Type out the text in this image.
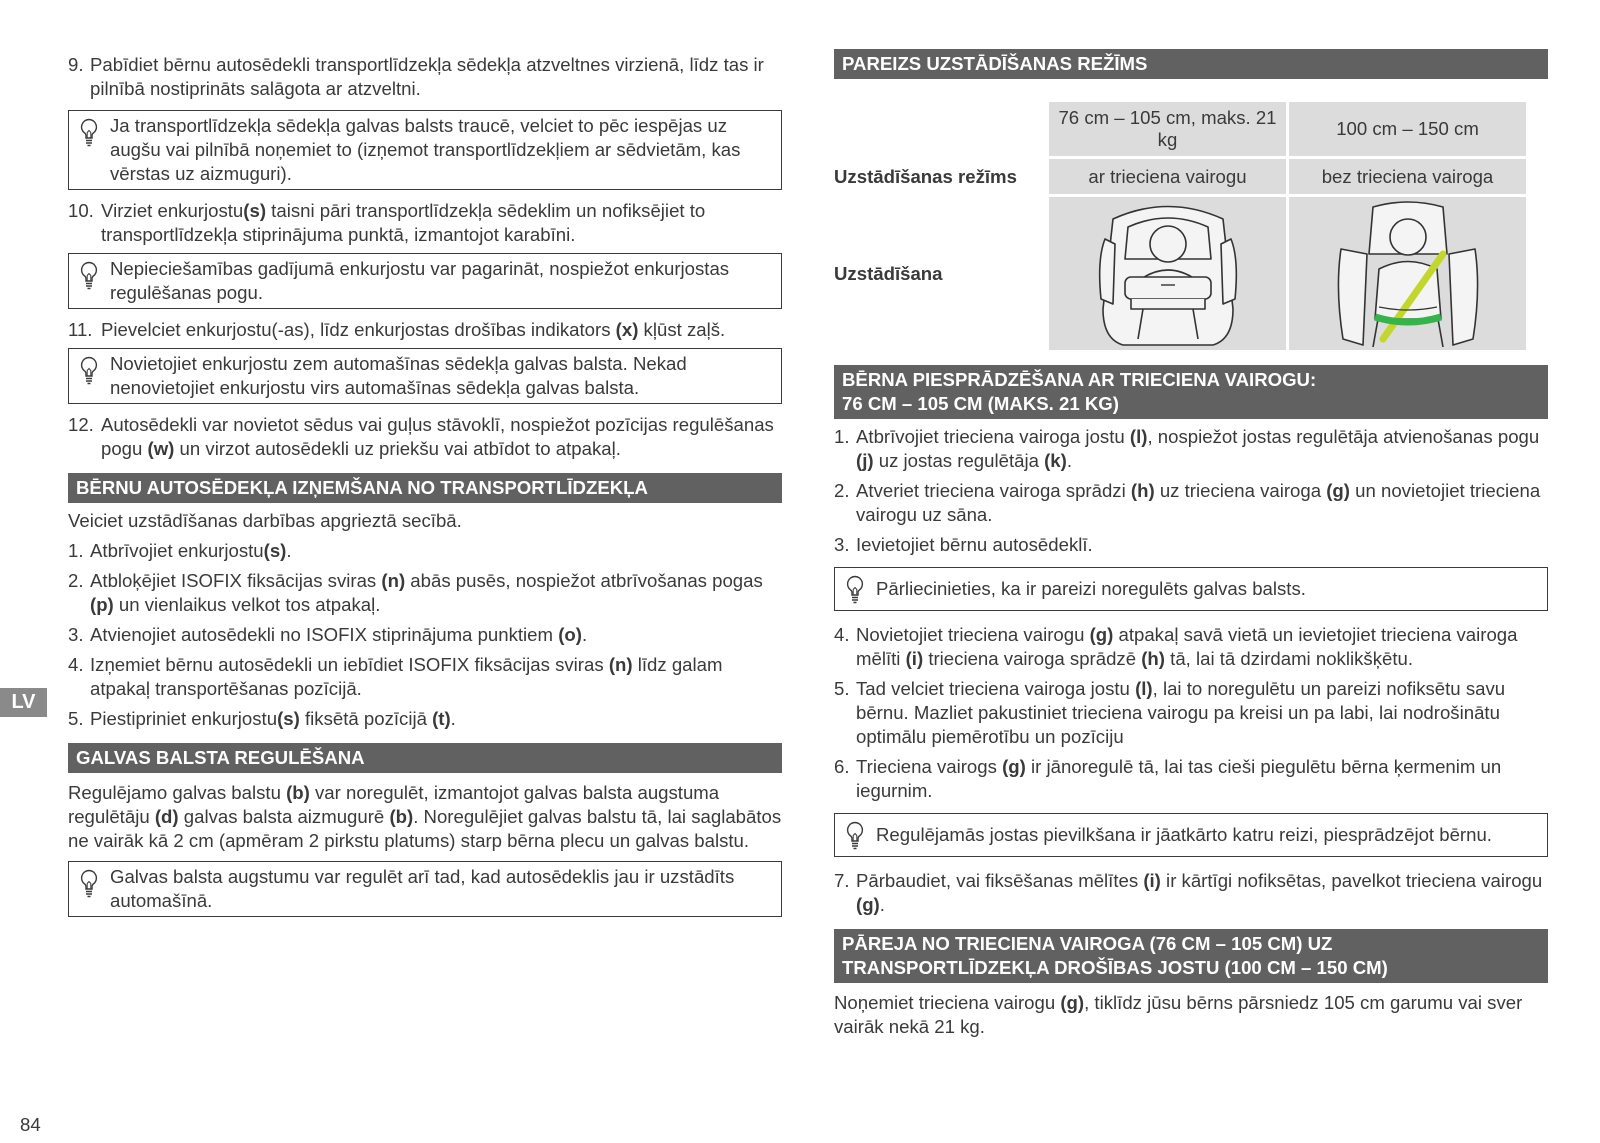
LV
84
9. Pabīdiet bērnu autosēdekli transportlīdzekļa sēdekļa atzveltnes virzienā, līdz tas ir pilnībā nostiprināts salāgota ar atzveltni.
Ja transportlīdzekļa sēdekļa galvas balsts traucē, velciet to pēc iespējas uz augšu vai pilnībā noņemiet to (izņemot transportlīdzekļiem ar sēdvietām, kas vērstas uz aizmuguri).
10. Virziet enkurjostu(s) taisni pāri transportlīdzekļa sēdeklim un nofiksējiet to transportlīdzekļa stiprinājuma punktā, izmantojot karabīni.
Nepieciešamības gadījumā enkurjostu var pagarināt, nospiežot enkurjostas regulēšanas pogu.
11. Pievelciet enkurjostu(-as), līdz enkurjostas drošības indikators (x) kļūst zaļš.
Novietojiet enkurjostu zem automašīnas sēdekļa galvas balsta. Nekad nenovietojiet enkurjostu virs automašīnas sēdekļa galvas balsta.
12. Autosēdekli var novietot sēdus vai guļus stāvoklī, nospiežot pozīcijas regulēšanas pogu (w) un virzot autosēdekli uz priekšu vai atbīdot to atpakaļ.
BĒRNU AUTOSĒDEKĻA IZŅEMŠANA NO TRANSPORTLĪDZEKĻA

Veiciet uzstādīšanas darbības apgrieztā secībā.

1. Atbrīvojiet enkurjostu(s).
2. Atbloķējiet ISOFIX fiksācijas sviras (n) abās pusēs, nospiežot atbrīvošanas pogas (p) un vienlaikus velkot tos atpakaļ.
3. Atvienojiet autosēdekli no ISOFIX stiprinājuma punktiem (o).
4. Izņemiet bērnu autosēdekli un iebīdiet ISOFIX fiksācijas sviras (n) līdz galam atpakaļ transportēšanas pozīcijā.
5. Piestipriniet enkurjostu(s) fiksētā pozīcijā (t).
GALVAS BALSTA REGULĒŠANA

Regulējamo galvas balstu (b) var noregulēt, izmantojot galvas balsta augstuma regulētāju (d) galvas balsta aizmugurē (b). Noregulējiet galvas balstu tā, lai saglabātos ne vairāk kā 2 cm (apmēram 2 pirkstu platums) starp bērna plecu un galvas balstu.

Galvas balsta augstumu var regulēt arī tad, kad autosēdeklis jau ir uzstādīts automašīnā.
PAREIZS UZSTĀDĪŠANAS REŽĪMS
	76 cm – 105 cm, maks. 21 kg	100 cm – 150 cm
Uzstādīšanas režīms	ar trieciena vairogu	bez trieciena vairoga
Uzstādīšana	

BĒRNA PIESPRĀDZĒŠANA AR TRIECIENA VAIROGU:
76 CM – 105 CM (MAKS. 21 KG)
1. Atbrīvojiet trieciena vairoga jostu (l), nospiežot jostas regulētāja atvienošanas pogu (j) uz jostas regulētāja (k).
2. Atveriet trieciena vairoga sprādzi (h) uz trieciena vairoga (g) un novietojiet trieciena vairogu uz sāna.
3. Ievietojiet bērnu autosēdeklī.
Pārliecinieties, ka ir pareizi noregulēts galvas balsts.
4. Novietojiet trieciena vairogu (g) atpakaļ savā vietā un ievietojiet trieciena vairoga mēlīti (i) trieciena vairoga sprādzē (h) tā, lai tā dzirdami noklikšķētu.
5. Tad velciet trieciena vairoga jostu (l), lai to noregulētu un pareizi nofiksētu savu bērnu. Mazliet pakustiniet trieciena vairogu pa kreisi un pa labi, lai nodrošinātu optimālu piemērotību un pozīciju
6. Trieciena vairogs (g) ir jānoregulē tā, lai tas cieši piegulētu bērna ķermenim un iegurnim.
Regulējamās jostas pievilkšana ir jāatkārto katru reizi, piesprādzējot bērnu.
7. Pārbaudiet, vai fiksēšanas mēlītes (i) ir kārtīgi nofiksētas, pavelkot trieciena vairogu (g).
PĀREJA NO TRIECIENA VAIROGA (76 CM – 105 CM) UZ
TRANSPORTLĪDZEKĻA DROŠĪBAS JOSTU (100 CM – 150 CM)

Noņemiet trieciena vairogu (g), tiklīdz jūsu bērns pārsniedz 105 cm garumu vai sver vairāk nekā 21 kg.
